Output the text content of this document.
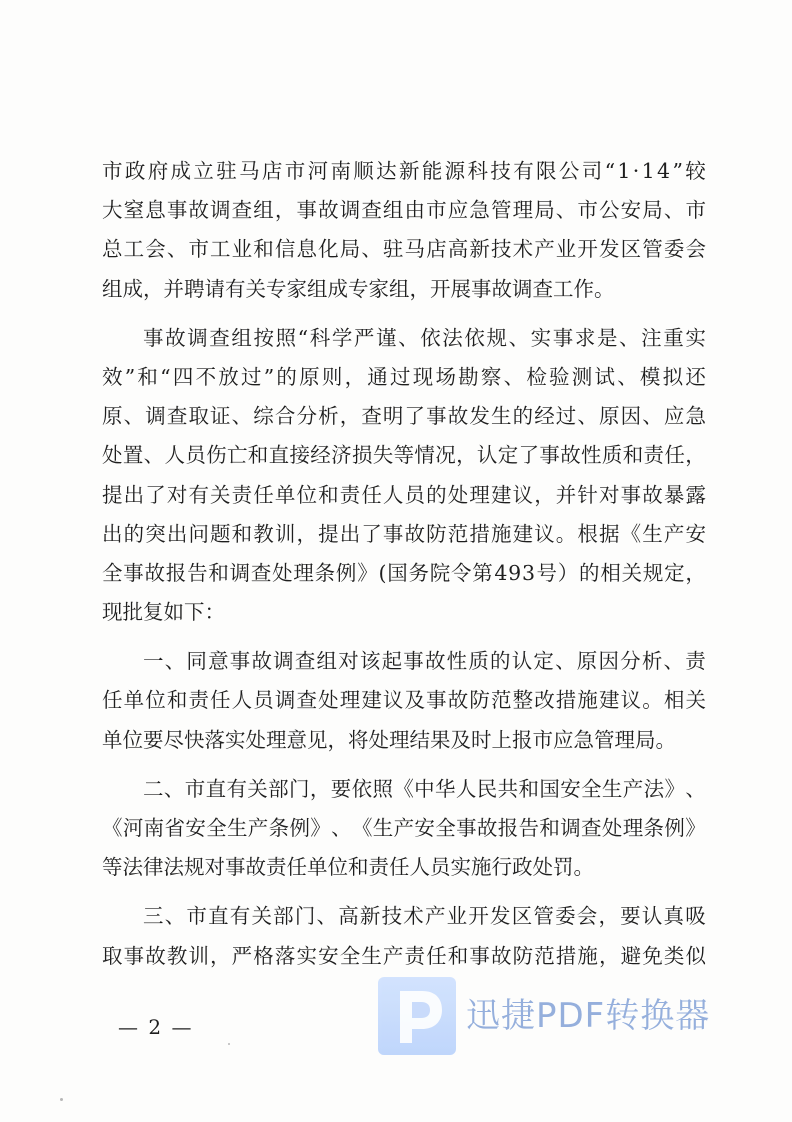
市 政 府 成 立 驻 马 店 市 河 南 顺 达 新 能 源 科 技 有 限 公 司 “ 1 · 1 4 ” 较
大 窒 息 事 故 调 查 组 ， 事 故 调 查 组 由 市 应 急 管 理 局 、 市 公 安 局 、 市
总 工 会 、 市 工 业 和 信 息 化 局 、 驻 马 店 高 新 技 术 产 业 开 发 区 管 委 会
组成，并聘请有关专家组成专家组，开展事故调查工作。
事 故 调 查 组 按 照 “ 科 学 严 谨 、 依 法 依 规 、 实 事 求 是 、 注 重 实
效 ” 和 “ 四 不 放 过 ” 的 原 则 ， 通 过 现 场 勘 察 、 检 验 测 试 、 模 拟 还
原 、 调 查 取 证 、 综 合 分 析 ， 查 明 了 事 故 发 生 的 经 过 、 原 因 、 应 急
处 置 、 人 员 伤 亡 和 直 接 经 济 损 失 等 情 况 ， 认 定 了 事 故 性 质 和 责 任 ，
提 出 了 对 有 关 责 任 单 位 和 责 任 人 员 的 处 理 建 议 ， 并 针 对 事 故 暴 露
出 的 突 出 问 题 和 教 训 ， 提 出 了 事 故 防 范 措 施 建 议 。 根 据 《 生 产 安
全 事 故 报 告 和 调 查 处 理 条 例 》 ( 国 务 院 令 第 4 9 3 号 ） 的 相 关 规 定 ，
现批复如下：
一 、 同 意 事 故 调 查 组 对 该 起 事 故 性 质 的 认 定 、 原 因 分 析 、 责
任 单 位 和 责 任 人 员 调 查 处 理 建 议 及 事 故 防 范 整 改 措 施 建 议 。 相 关
单位要尽快落实处理意见，将处理结果及时上报市应急管理局。
二 、 市 直 有 关 部 门 ， 要 依 照 《 中 华 人 民 共 和 国 安 全 生 产 法 》 、
《 河 南 省 安 全 生 产 条 例 》 、 《 生 产 安 全 事 故 报 告 和 调 查 处 理 条 例 》
等法律法规对事故责任单位和责任人员实施行政处罚。
三 、 市 直 有 关 部 门 、 高 新 技 术 产 业 开 发 区 管 委 会 ， 要 认 真 吸
取 事 故 教 训 ， 严 格 落 实 安 全 生 产 责 任 和 事 故 防 范 措 施 ， 避 免 类 似
— 2 —	迅捷PDF转换器
